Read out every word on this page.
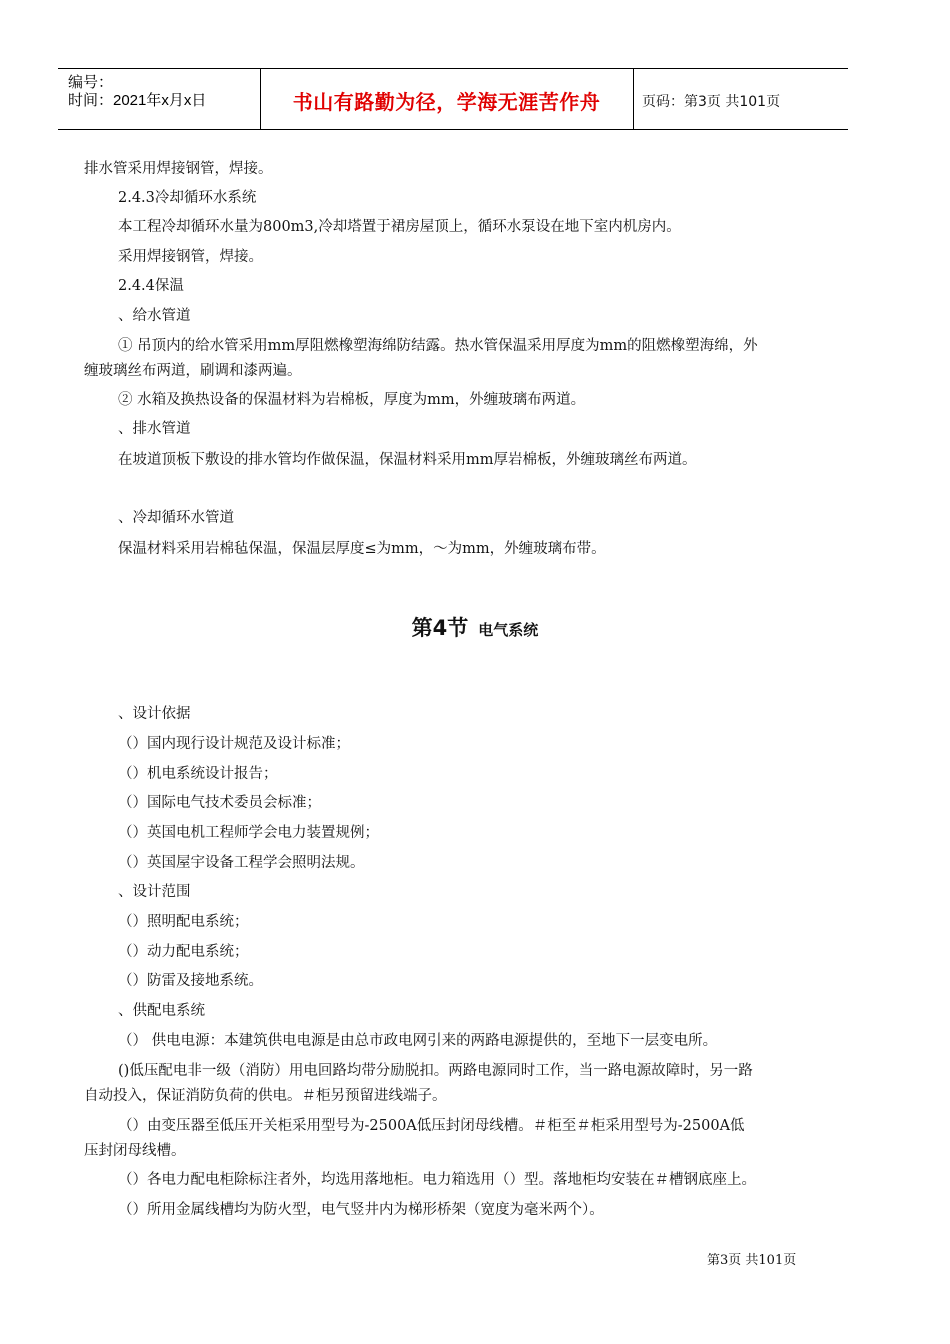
编号：
时间：2021年x月x日	书山有路勤为径，学海无涯苦作舟	页码：第3页 共101页
排水管采用焊接钢管，焊接。
2.4.3冷却循环水系统
本工程冷却循环水量为800m3,冷却塔置于裙房屋顶上，循环水泵设在地下室内机房内。
采用焊接钢管，焊接。
2.4.4保温
、给水管道
① 吊顶内的给水管采用mm厚阻燃橡塑海绵防结露。热水管保温采用厚度为mm的阻燃橡塑海绵，外
缠玻璃丝布两道，刷调和漆两遍。
② 水箱及换热设备的保温材料为岩棉板，厚度为mm，外缠玻璃布两道。
、排水管道
在坡道顶板下敷设的排水管均作做保温，保温材料采用mm厚岩棉板，外缠玻璃丝布两道。
、冷却循环水管道
保温材料采用岩棉毡保温，保温层厚度≤为mm，～为mm，外缠玻璃布带。
第4节 电气系统
、设计依据
（）国内现行设计规范及设计标准；
（）机电系统设计报告；
（）国际电气技术委员会标准；
（）英国电机工程师学会电力装置规例；
（）英国屋宇设备工程学会照明法规。
、设计范围
（）照明配电系统；
（）动力配电系统；
（）防雷及接地系统。
、供配电系统
（） 供电电源：本建筑供电电源是由总市政电网引来的两路电源提供的，至地下一层变电所。
()低压配电非一级（消防）用电回路均带分励脱扣。两路电源同时工作，当一路电源故障时，另一路
自动投入，保证消防负荷的供电。＃柜另预留进线端子。
（）由变压器至低压开关柜采用型号为-2500A低压封闭母线槽。＃柜至＃柜采用型号为-2500A低
压封闭母线槽。
（）各电力配电柜除标注者外，均选用落地柜。电力箱选用（）型。落地柜均安装在＃槽钢底座上。
（）所用金属线槽均为防火型，电气竖井内为梯形桥架（宽度为毫米两个）。
第3页 共101页
